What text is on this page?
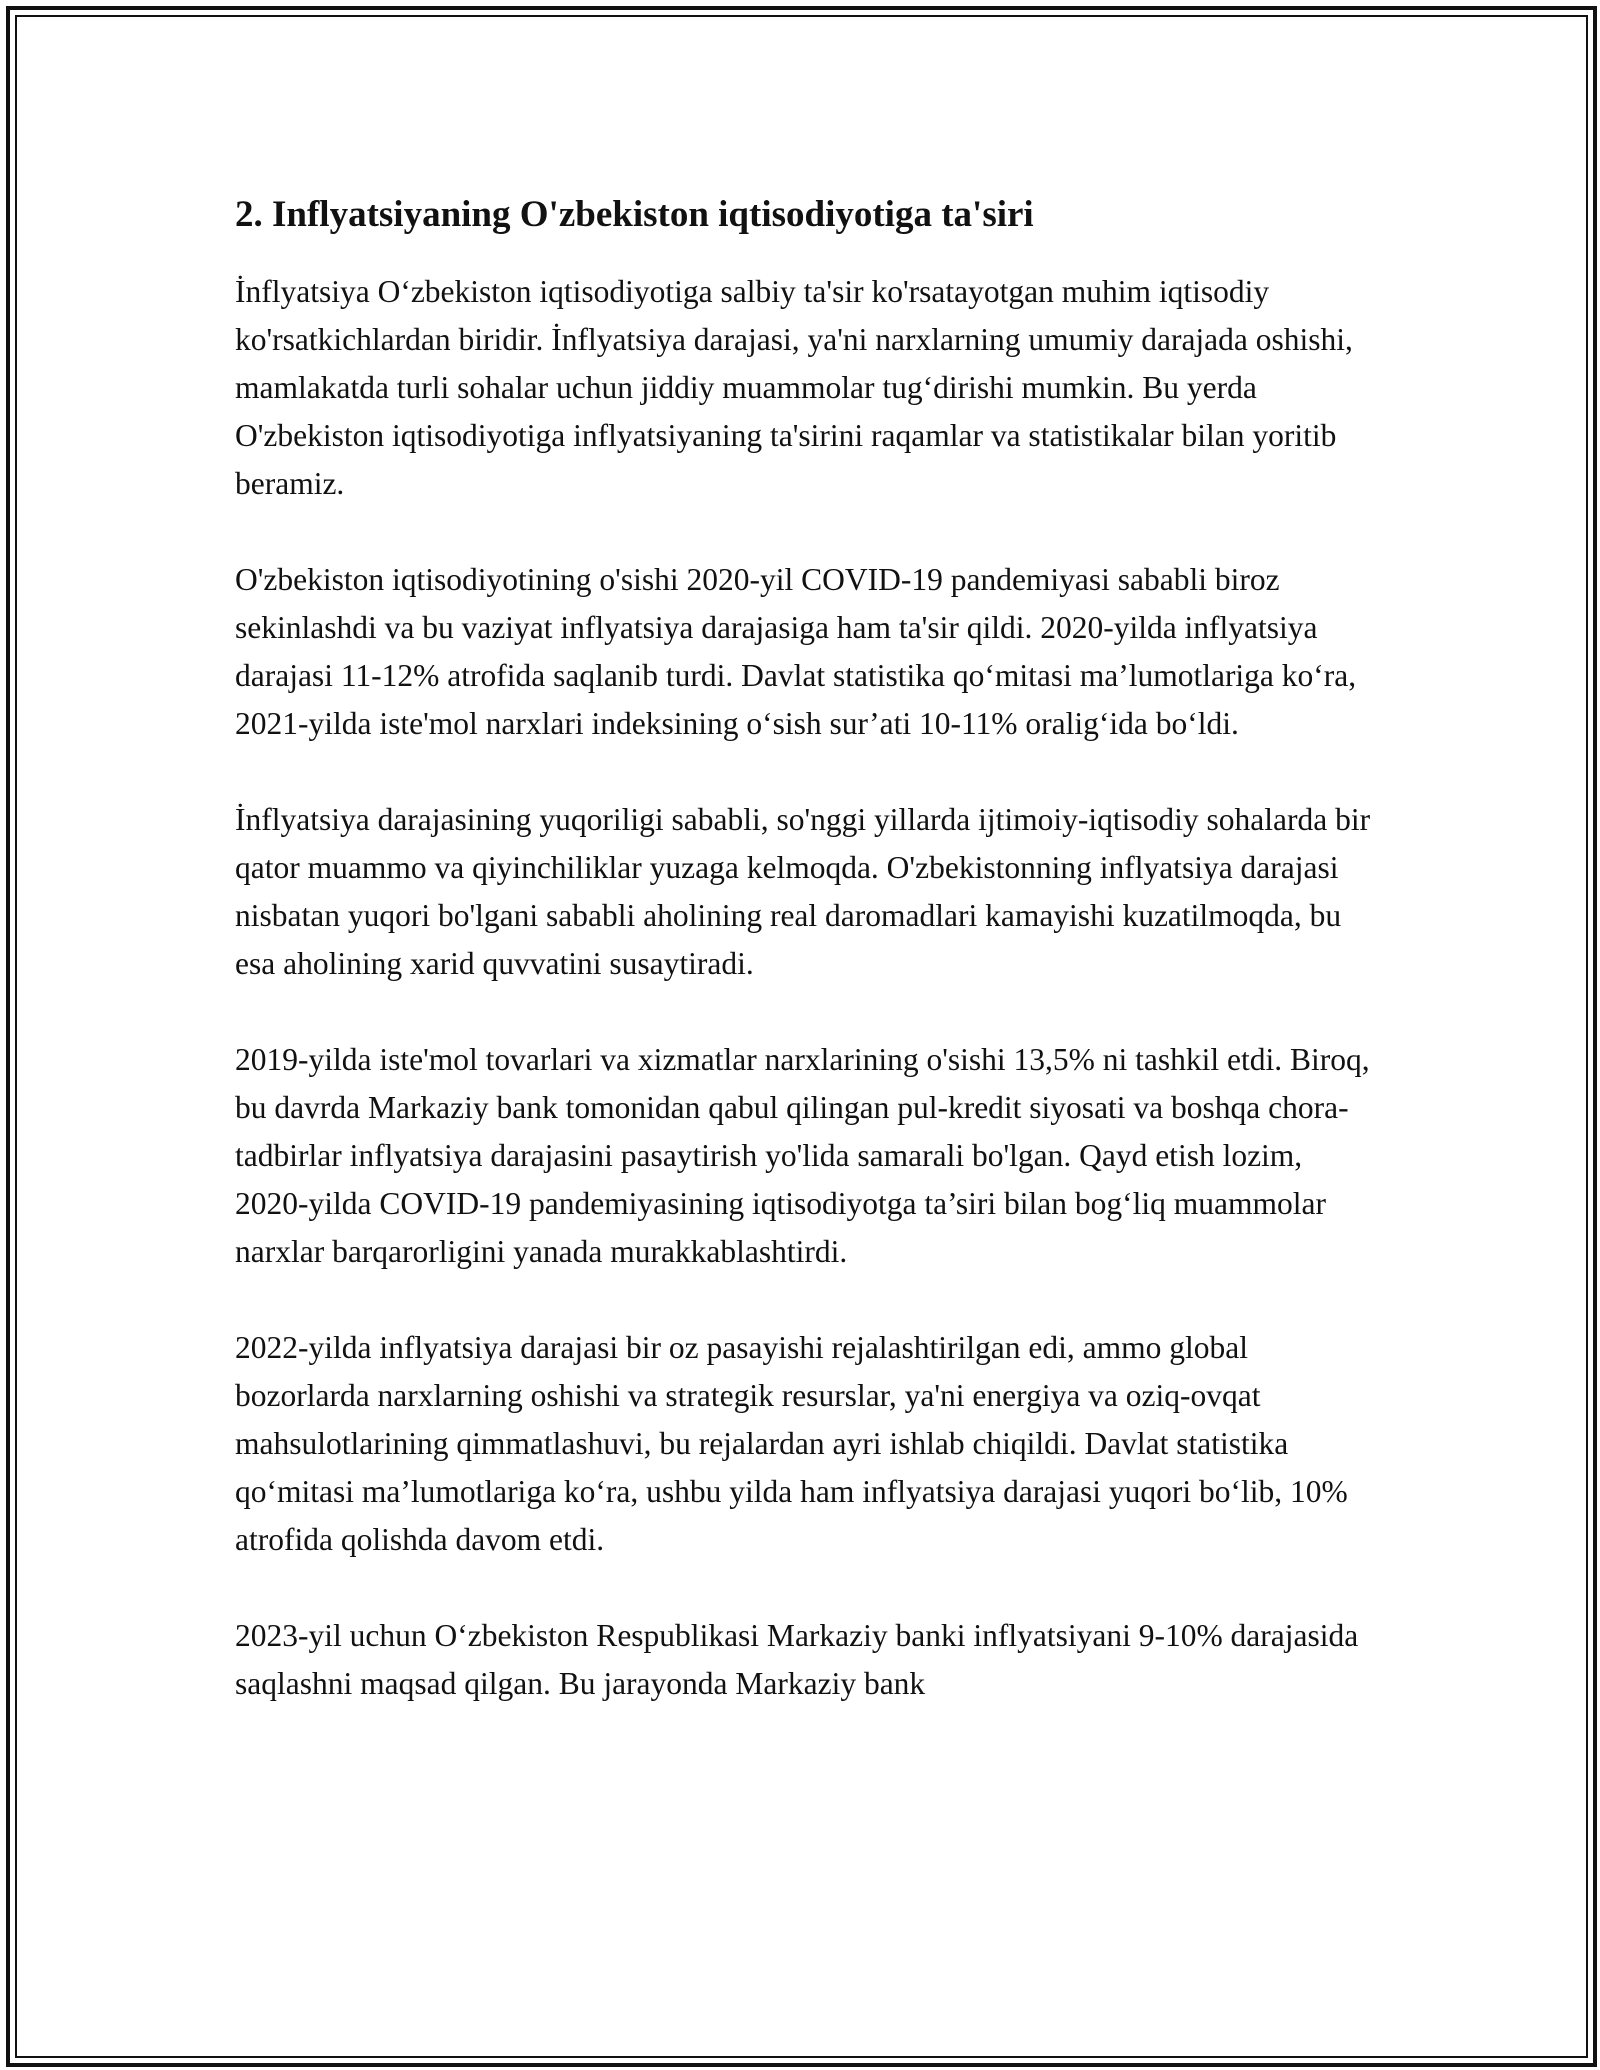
2. Inflyatsiyaning O'zbekiston iqtisodiyotiga ta'siri

İnflyatsiya O‘zbekiston iqtisodiyotiga salbiy ta'sir ko'rsatayotgan muhim iqtisodiy ko'rsatkichlardan biridir. İnflyatsiya darajasi, ya'ni narxlarning umumiy darajada oshishi, mamlakatda turli sohalar uchun jiddiy muammolar tug‘dirishi mumkin. Bu yerda O'zbekiston iqtisodiyotiga inflyatsiyaning ta'sirini raqamlar va statistikalar bilan yoritib beramiz.

O'zbekiston iqtisodiyotining o'sishi 2020-yil COVID-19 pandemiyasi sababli biroz sekinlashdi va bu vaziyat inflyatsiya darajasiga ham ta'sir qildi. 2020-yilda inflyatsiya darajasi 11-12% atrofida saqlanib turdi. Davlat statistika qo‘mitasi ma’lumotlariga ko‘ra, 2021-yilda iste'mol narxlari indeksining o‘sish sur’ati 10-11% oralig‘ida bo‘ldi.

İnflyatsiya darajasining yuqoriligi sababli, so'nggi yillarda ijtimoiy-iqtisodiy sohalarda bir qator muammo va qiyinchiliklar yuzaga kelmoqda. O'zbekistonning inflyatsiya darajasi nisbatan yuqori bo'lgani sababli aholining real daromadlari kamayishi kuzatilmoqda, bu esa aholining xarid quvvatini susaytiradi.

2019-yilda iste'mol tovarlari va xizmatlar narxlarining o'sishi 13,5% ni tashkil etdi. Biroq, bu davrda Markaziy bank tomonidan qabul qilingan pul-kredit siyosati va boshqa chora-tadbirlar inflyatsiya darajasini pasaytirish yo'lida samarali bo'lgan. Qayd etish lozim, 2020-yilda COVID-19 pandemiyasining iqtisodiyotga ta’siri bilan bog‘liq muammolar narxlar barqarorligini yanada murakkablashtirdi.

2022-yilda inflyatsiya darajasi bir oz pasayishi rejalashtirilgan edi, ammo global bozorlarda narxlarning oshishi va strategik resurslar, ya'ni energiya va oziq-ovqat mahsulotlarining qimmatlashuvi, bu rejalardan ayri ishlab chiqildi. Davlat statistika qo‘mitasi ma’lumotlariga ko‘ra, ushbu yilda ham inflyatsiya darajasi yuqori bo‘lib, 10% atrofida qolishda davom etdi.

2023-yil uchun O‘zbekiston Respublikasi Markaziy banki inflyatsiyani 9-10% darajasida saqlashni maqsad qilgan. Bu jarayonda Markaziy bank
